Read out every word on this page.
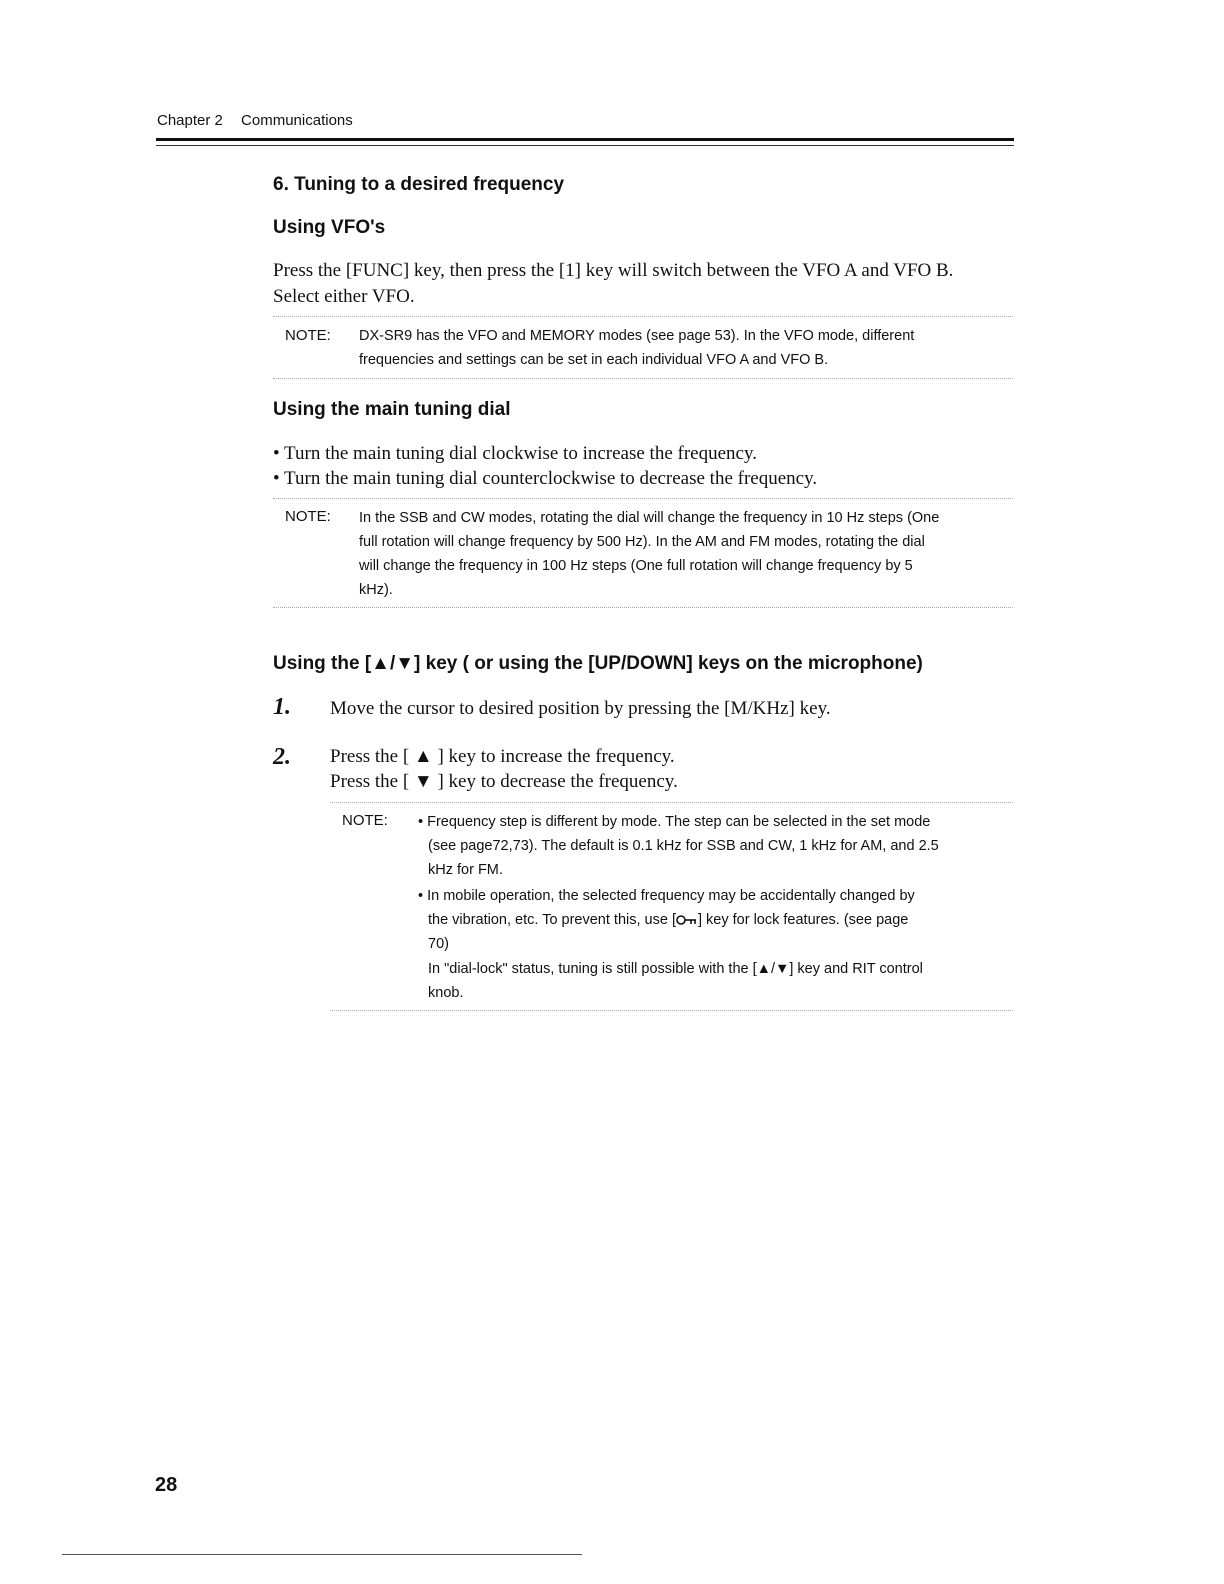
Chapter 2 Communications
6. Tuning to a desired frequency
Using VFO's
Press the [FUNC] key, then press the [1] key will switch between the VFO A and VFO B.
Select either VFO.
NOTE: DX-SR9 has the VFO and MEMORY modes (see page 53). In the VFO mode, different
frequencies and settings can be set in each individual VFO A and VFO B.
Using the main tuning dial
• Turn the main tuning dial clockwise to increase the frequency.
• Turn the main tuning dial counterclockwise to decrease the frequency.
NOTE: In the SSB and CW modes, rotating the dial will change the frequency in 10 Hz steps (One
full rotation will change frequency by 500 Hz). In the AM and FM modes, rotating the dial
will change the frequency in 100 Hz steps (One full rotation will change frequency by 5
kHz).
Using the [▲/▼] key ( or using the [UP/DOWN] keys on the microphone)
1. Move the cursor to desired position by pressing the [M/KHz] key.
2. Press the [ ▲ ] key to increase the frequency.
Press the [ ▼ ] key to decrease the frequency.
NOTE: • Frequency step is different by mode. The step can be selected in the set mode
(see page72,73). The default is 0.1 kHz for SSB and CW, 1 kHz for AM, and 2.5
kHz for FM.
• In mobile operation, the selected frequency may be accidentally changed by
the vibration, etc. To prevent this, use [ ] key for lock features. (see page
70)
In "dial-lock" status, tuning is still possible with the [▲/▼] key and RIT control
knob.
28
